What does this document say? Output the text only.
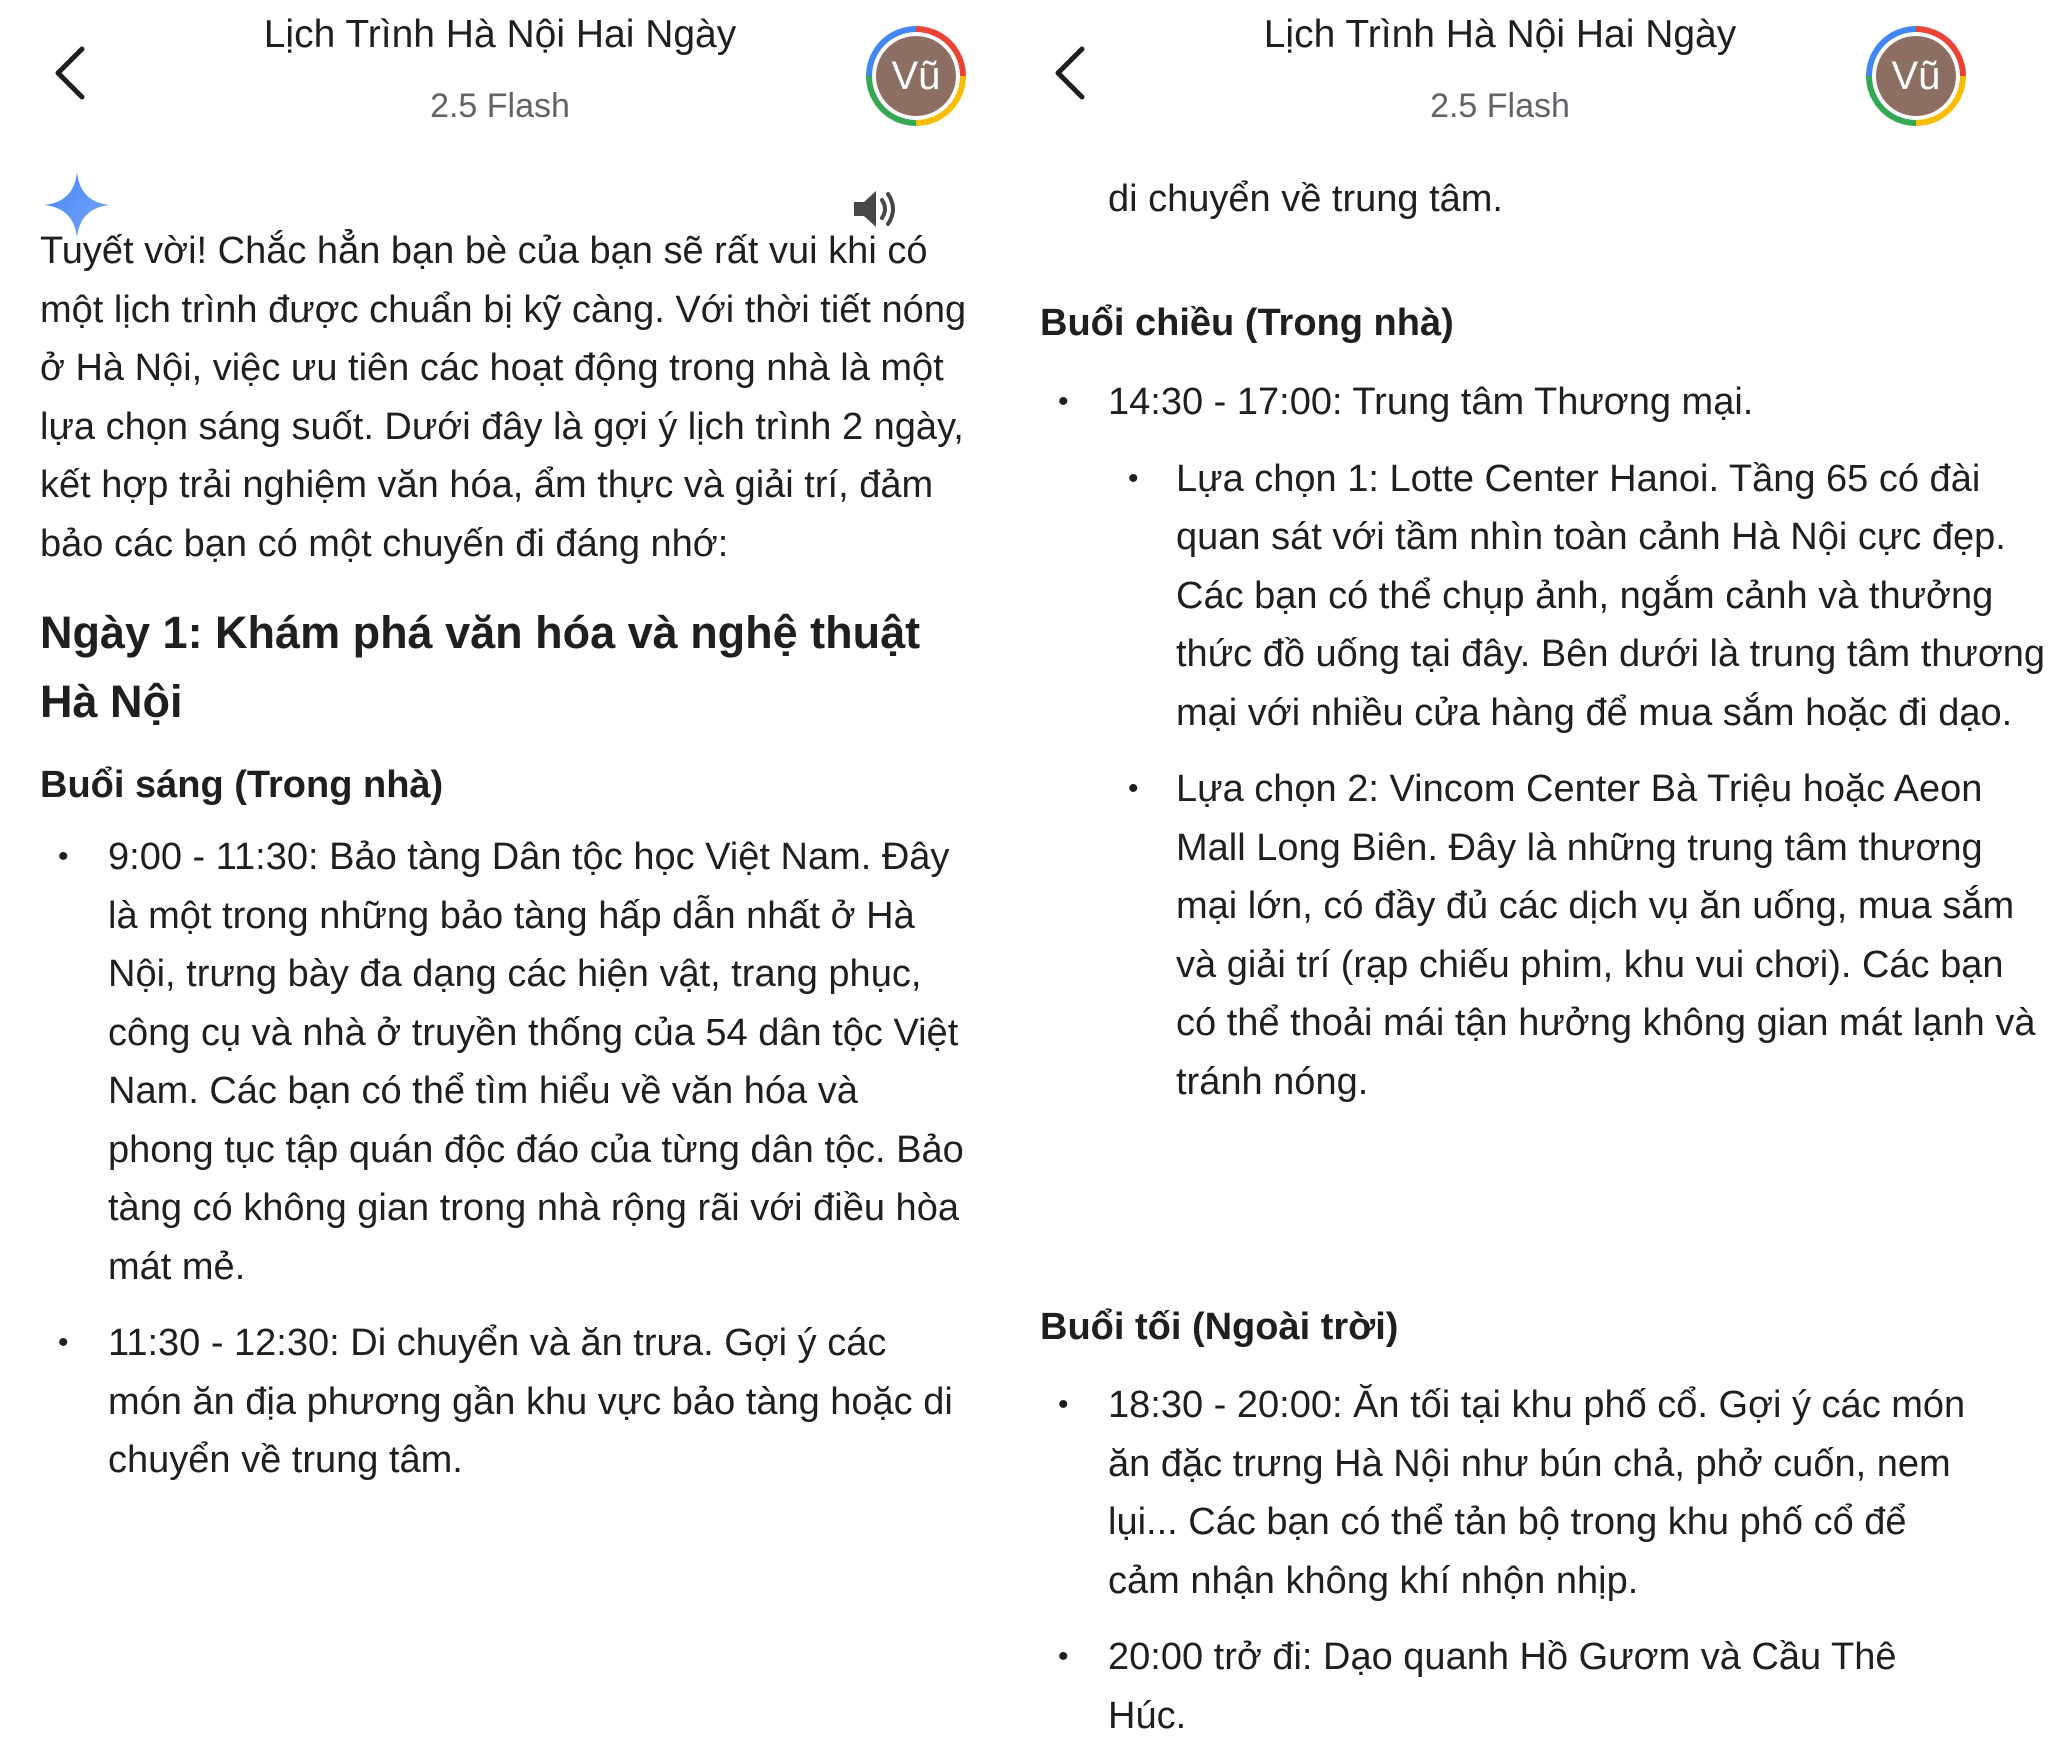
Lịch Trình Hà Nội Hai Ngày
2.5 Flash
Vũ
Tuyết vời! Chắc hẳn bạn bè của bạn sẽ rất vui khi có một lịch trình được chuẩn bị kỹ càng. Với thời tiết nóng ở Hà Nội, việc ưu tiên các hoạt động trong nhà là một lựa chọn sáng suốt. Dưới đây là gợi ý lịch trình 2 ngày, kết hợp trải nghiệm văn hóa, ẩm thực và giải trí, đảm bảo các bạn có một chuyến đi đáng nhớ:
Ngày 1: Khám phá văn hóa và nghệ thuật Hà Nội
Buổi sáng (Trong nhà)
• 9:00 - 11:30: Bảo tàng Dân tộc học Việt Nam. Đây là một trong những bảo tàng hấp dẫn nhất ở Hà Nội, trưng bày đa dạng các hiện vật, trang phục, công cụ và nhà ở truyền thống của 54 dân tộc Việt Nam. Các bạn có thể tìm hiểu về văn hóa và phong tục tập quán độc đáo của từng dân tộc. Bảo tàng có không gian trong nhà rộng rãi với điều hòa mát mẻ.
• 11:30 - 12:30: Di chuyển và ăn trưa. Gợi ý các món ăn địa phương gần khu vực bảo tàng hoặc di chuyển về trung tâm.
Lịch Trình Hà Nội Hai Ngày
2.5 Flash
Vũ
di chuyển về trung tâm.
Buổi chiều (Trong nhà)
• 14:30 - 17:00: Trung tâm Thương mại.
• Lựa chọn 1: Lotte Center Hanoi. Tầng 65 có đài quan sát với tầm nhìn toàn cảnh Hà Nội cực đẹp. Các bạn có thể chụp ảnh, ngắm cảnh và thưởng thức đồ uống tại đây. Bên dưới là trung tâm thương mại với nhiều cửa hàng để mua sắm hoặc đi dạo.
• Lựa chọn 2: Vincom Center Bà Triệu hoặc Aeon Mall Long Biên. Đây là những trung tâm thương mại lớn, có đầy đủ các dịch vụ ăn uống, mua sắm và giải trí (rạp chiếu phim, khu vui chơi). Các bạn có thể thoải mái tận hưởng không gian mát lạnh và tránh nóng.
Buổi tối (Ngoài trời)
• 18:30 - 20:00: Ăn tối tại khu phố cổ. Gợi ý các món ăn đặc trưng Hà Nội như bún chả, phở cuốn, nem lụi... Các bạn có thể tản bộ trong khu phố cổ để cảm nhận không khí nhộn nhịp.
• 20:00 trở đi: Dạo quanh Hồ Gươm và Cầu Thê Húc.
